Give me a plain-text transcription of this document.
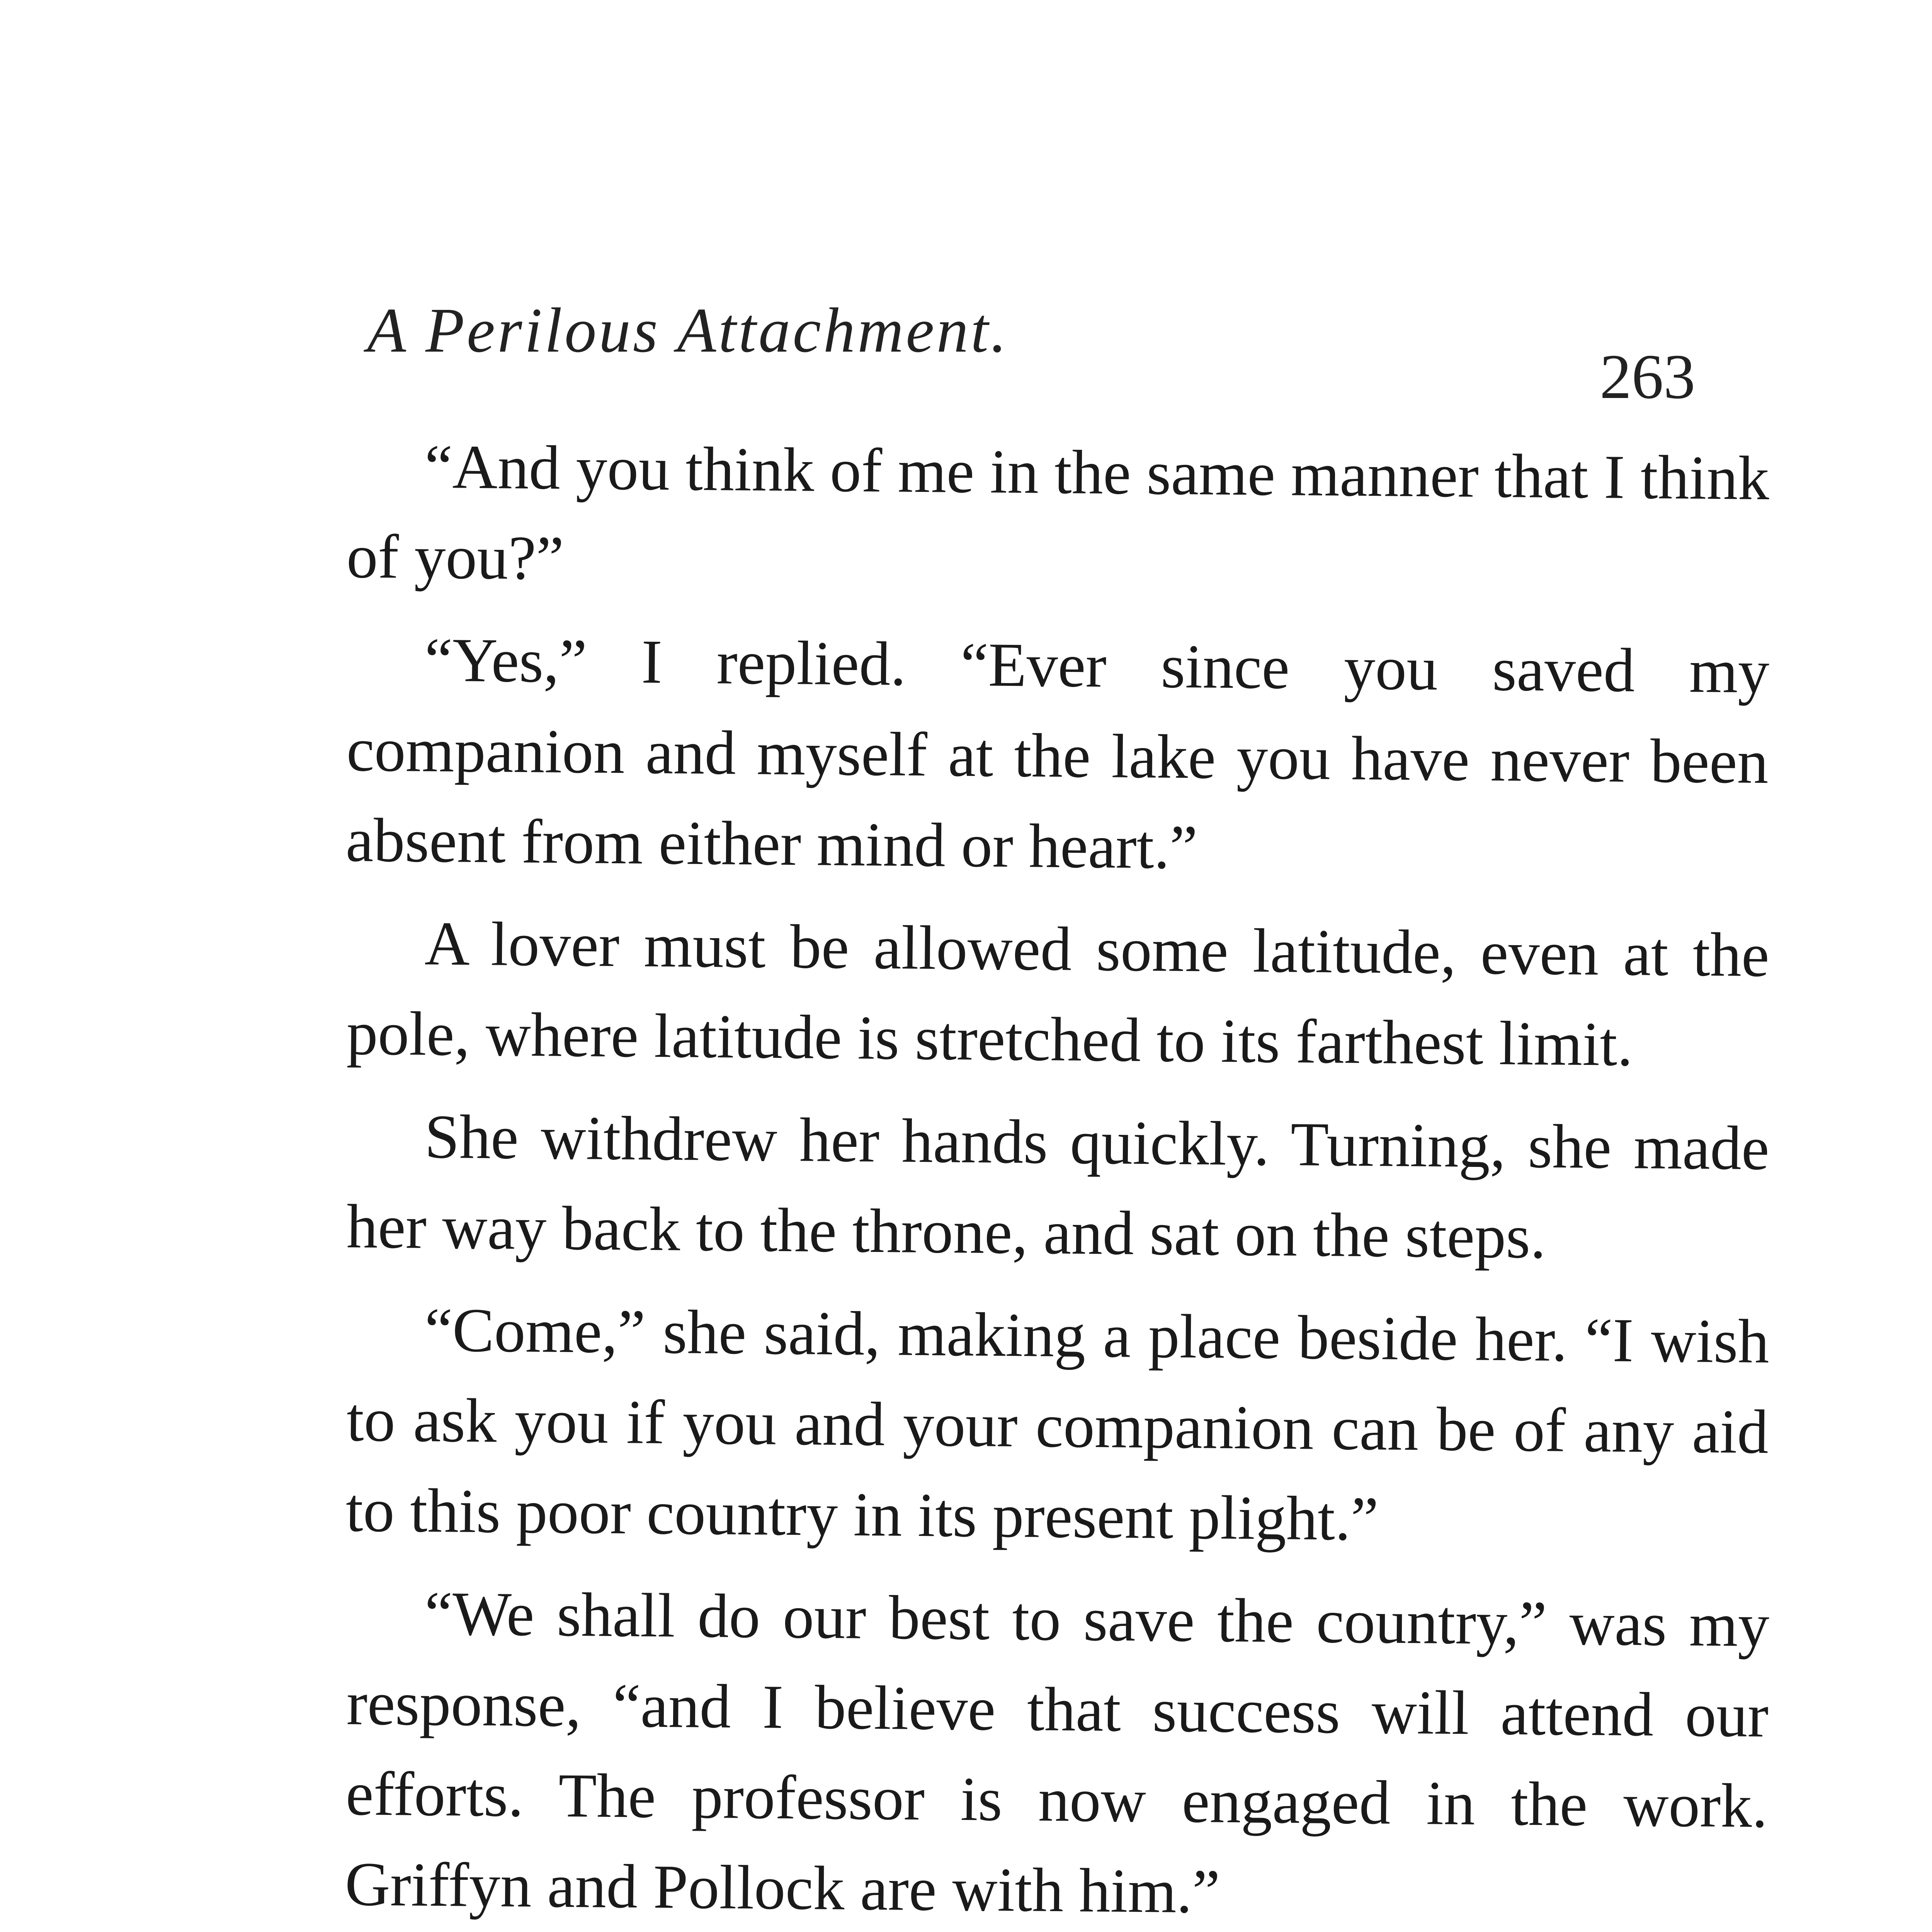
A Perilous Attachment.
263

“And you think of me in the same manner that I think of you?”

“Yes,” I replied. “Ever since you saved my companion and myself at the lake you have never been absent from either mind or heart.”

A lover must be allowed some latitude, even at the pole, where latitude is stretched to its farthest limit.

She withdrew her hands quickly. Turning, she made her way back to the throne, and sat on the steps.

“Come,” she said, making a place beside her. “I wish to ask you if you and your companion can be of any aid to this poor country in its present plight.”

“We shall do our best to save the country,” was my response, “and I believe that success will attend our efforts. The professor is now engaged in the work. Griffyn and Pollock are with him.”
